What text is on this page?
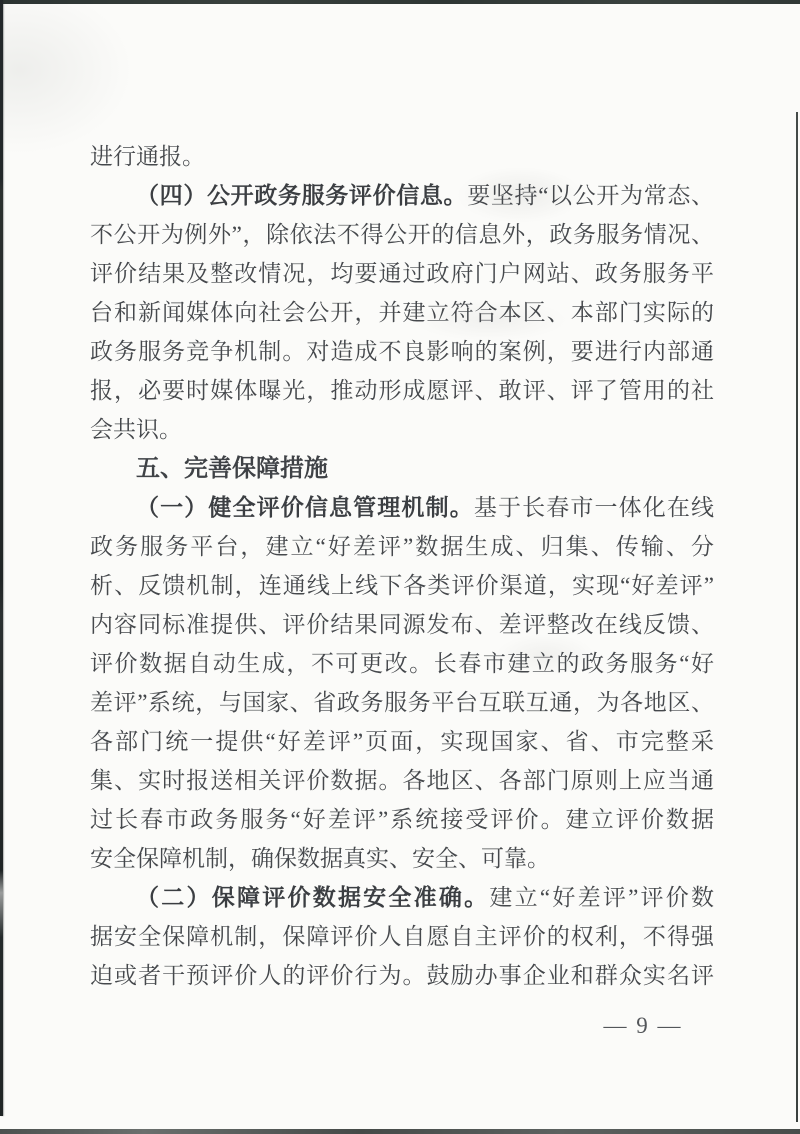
进行通报。
（四）公开政务服务评价信息。要坚持“以公开为常态、
不公开为例外”，除依法不得公开的信息外，政务服务情况、
评价结果及整改情况，均要通过政府门户网站、政务服务平
台和新闻媒体向社会公开，并建立符合本区、本部门实际的
政务服务竞争机制。对造成不良影响的案例，要进行内部通
报，必要时媒体曝光，推动形成愿评、敢评、评了管用的社
会共识。
五、完善保障措施
（一）健全评价信息管理机制。基于长春市一体化在线
政务服务平台，建立“好差评”数据生成、归集、传输、分
析、反馈机制，连通线上线下各类评价渠道，实现“好差评”
内容同标准提供、评价结果同源发布、差评整改在线反馈、
评价数据自动生成，不可更改。长春市建立的政务服务“好
差评”系统，与国家、省政务服务平台互联互通，为各地区、
各部门统一提供“好差评”页面，实现国家、省、市完整采
集、实时报送相关评价数据。各地区、各部门原则上应当通
过长春市政务服务“好差评”系统接受评价。建立评价数据
安全保障机制，确保数据真实、安全、可靠。
（二）保障评价数据安全准确。建立“好差评”评价数
据安全保障机制，保障评价人自愿自主评价的权利，不得强
迫或者干预评价人的评价行为。鼓励办事企业和群众实名评
— 9 —
